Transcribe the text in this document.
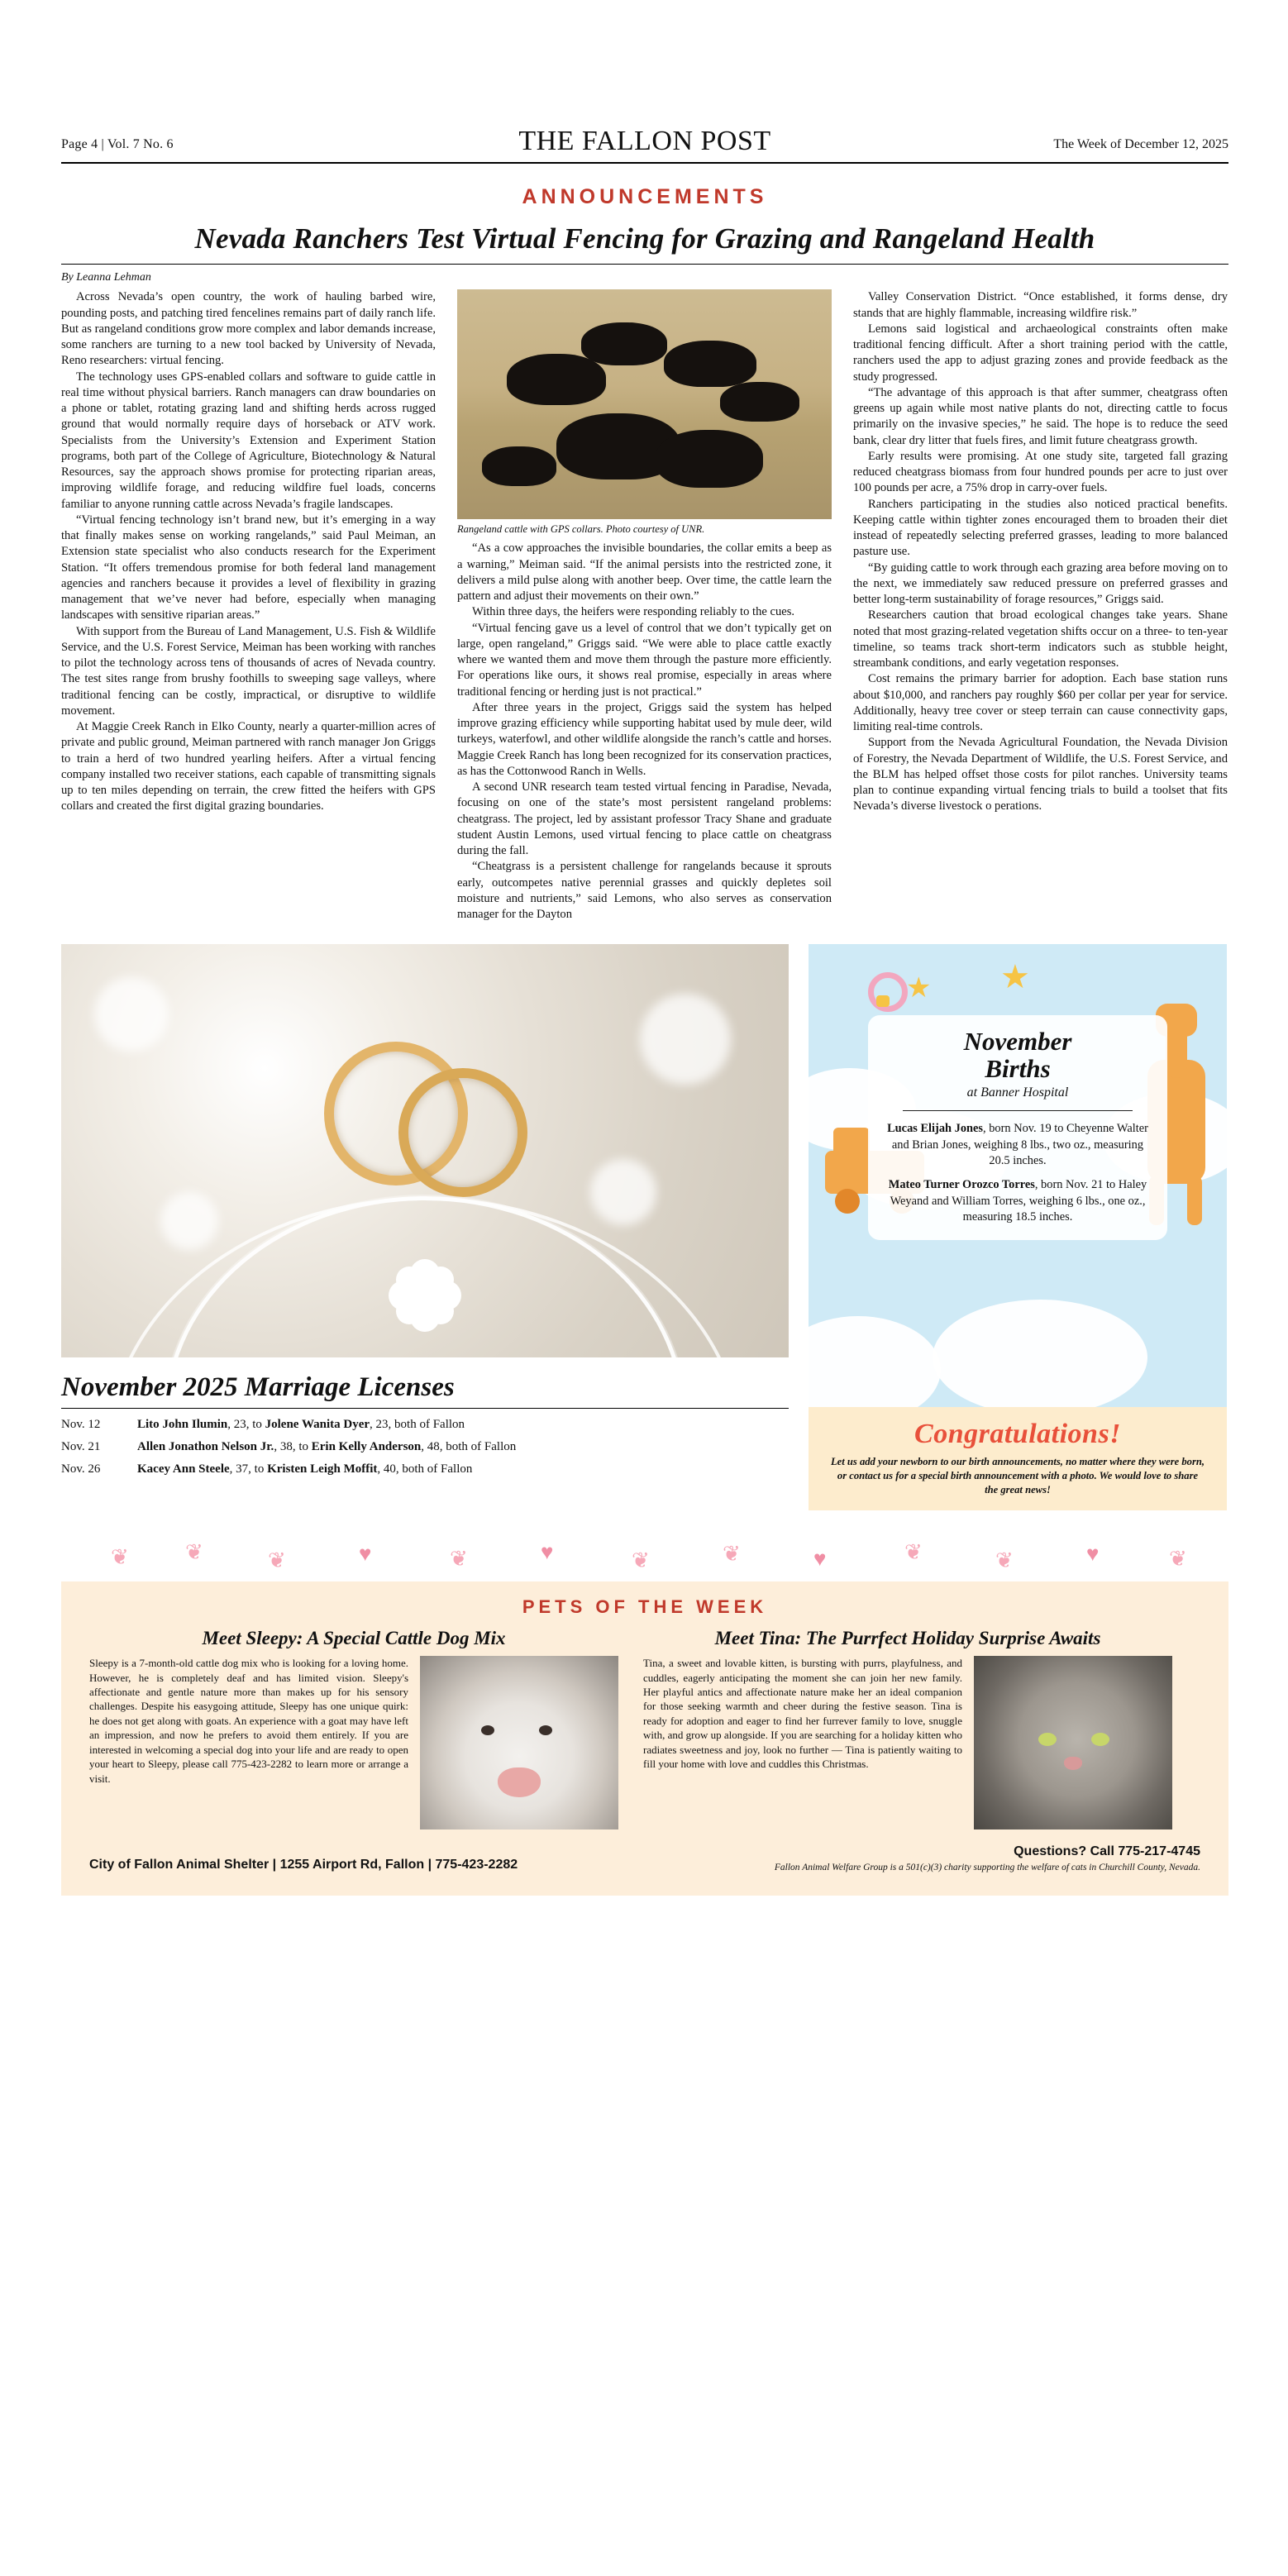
Page 4 | Vol. 7 No. 6	THE FALLON POST	The Week of December 12, 2025
ANNOUNCEMENTS
Nevada Ranchers Test Virtual Fencing for Grazing and Rangeland Health
By Leanna Lehman

Across Nevada’s open country, the work of hauling barbed wire, pounding posts, and patching tired fencelines remains part of daily ranch life. But as rangeland conditions grow more complex and labor demands increase, some ranchers are turning to a new tool backed by University of Nevada, Reno researchers: virtual fencing.

The technology uses GPS-enabled collars and software to guide cattle in real time without physical barriers. Ranch managers can draw boundaries on a phone or tablet, rotating grazing land and shifting herds across rugged ground that would normally require days of horseback or ATV work. Specialists from the University’s Extension and Experiment Station programs, both part of the College of Agriculture, Biotechnology & Natural Resources, say the approach shows promise for protecting riparian areas, improving wildlife forage, and reducing wildfire fuel loads, concerns familiar to anyone running cattle across Nevada’s fragile landscapes.

“Virtual fencing technology isn’t brand new, but it’s emerging in a way that finally makes sense on working rangelands,” said Paul Meiman, an Extension state specialist who also conducts research for the Experiment Station. “It offers tremendous promise for both federal land management agencies and ranchers because it provides a level of flexibility in grazing management that we’ve never had before, especially when managing landscapes with sensitive riparian areas.”

With support from the Bureau of Land Management, U.S. Fish & Wildlife Service, and the U.S. Forest Service, Meiman has been working with ranches to pilot the technology across tens of thousands of acres of Nevada country. The test sites range from brushy foothills to sweeping sage valleys, where traditional fencing can be costly, impractical, or disruptive to wildlife movement.

At Maggie Creek Ranch in Elko County, nearly a quarter-million acres of private and public ground, Meiman partnered with ranch manager Jon Griggs to train a herd of two hundred yearling heifers. After a virtual fencing company installed two receiver stations, each capable of transmitting signals up to ten miles depending on terrain, the crew fitted the heifers with GPS collars and created the first digital grazing boundaries.

Rangeland cattle with GPS collars. Photo courtesy of UNR.

“As a cow approaches the invisible boundaries, the collar emits a beep as a warning,” Meiman said. “If the animal persists into the restricted zone, it delivers a mild pulse along with another beep. Over time, the cattle learn the pattern and adjust their movements on their own.”

Within three days, the heifers were responding reliably to the cues.

“Virtual fencing gave us a level of control that we don’t typically get on large, open rangeland,” Griggs said. “We were able to place cattle exactly where we wanted them and move them through the pasture more efficiently. For operations like ours, it shows real promise, especially in areas where traditional fencing or herding just is not practical.”

After three years in the project, Griggs said the system has helped improve grazing efficiency while supporting habitat used by mule deer, wild turkeys, waterfowl, and other wildlife alongside the ranch’s cattle and horses. Maggie Creek Ranch has long been recognized for its conservation practices, as has the Cottonwood Ranch in Wells.

A second UNR research team tested virtual fencing in Paradise, Nevada, focusing on one of the state’s most persistent rangeland problems: cheatgrass. The project, led by assistant professor Tracy Shane and graduate student Austin Lemons, used virtual fencing to place cattle on cheatgrass during the fall.

“Cheatgrass is a persistent challenge for rangelands because it sprouts early, outcompetes native perennial grasses and quickly depletes soil moisture and nutrients,” said Lemons, who also serves as conservation manager for the Dayton

Valley Conservation District. “Once established, it forms dense, dry stands that are highly flammable, increasing wildfire risk.”

Lemons said logistical and archaeological constraints often make traditional fencing difficult. After a short training period with the cattle, ranchers used the app to adjust grazing zones and provide feedback as the study progressed.

“The advantage of this approach is that after summer, cheatgrass often greens up again while most native plants do not, directing cattle to focus primarily on the invasive species,” he said. The hope is to reduce the seed bank, clear dry litter that fuels fires, and limit future cheatgrass growth.

Early results were promising. At one study site, targeted fall grazing reduced cheatgrass biomass from four hundred pounds per acre to just over 100 pounds per acre, a 75% drop in carry-over fuels.

Ranchers participating in the studies also noticed practical benefits. Keeping cattle within tighter zones encouraged them to broaden their diet instead of repeatedly selecting preferred grasses, leading to more balanced pasture use.

“By guiding cattle to work through each grazing area before moving on to the next, we immediately saw reduced pressure on preferred grasses and better long-term sustainability of forage resources,” Griggs said.

Researchers caution that broad ecological changes take years. Shane noted that most grazing-related vegetation shifts occur on a three- to ten-year timeline, so teams track short-term indicators such as stubble height, streambank conditions, and early vegetation responses.

Cost remains the primary barrier for adoption. Each base station runs about $10,000, and ranchers pay roughly $60 per collar per year for service. Additionally, heavy tree cover or steep terrain can cause connectivity gaps, limiting real-time controls.

Support from the Nevada Agricultural Foundation, the Nevada Division of Forestry, the Nevada Department of Wildlife, the U.S. Forest Service, and the BLM has helped offset those costs for pilot ranches. University teams plan to continue expanding virtual fencing trials to build a toolset that fits Nevada’s diverse livestock o perations.

November 2025 Marriage Licenses
Nov. 12	Lito John Ilumin, 23, to Jolene Wanita Dyer, 23, both of Fallon
Nov. 21	Allen Jonathon Nelson Jr., 38, to Erin Kelly Anderson, 48, both of Fallon
Nov. 26	Kacey Ann Steele, 37, to Kristen Leigh Moffit, 40, both of Fallon
★ ★
November
Births
at Banner Hospital
Lucas Elijah Jones, born Nov. 19 to Cheyenne Walter and Brian Jones, weighing 8 lbs., two oz., measuring 20.5 inches.
Mateo Turner Orozco Torres, born Nov. 21 to Haley Weyand and William Torres, weighing 6 lbs., one oz., measuring 18.5 inches.
Congratulations!
Let us add your newborn to our birth announcements, no matter where they were born, or contact us for a special birth announcement with a photo. We would love to share the great news!
❦	❦	❦	♥	❦	♥	❦	❦	♥	❦	❦	♥	❦
PETS OF THE WEEK
Meet Sleepy: A Special Cattle Dog Mix
Sleepy is a 7-month-old cattle dog mix who is looking for a loving home. However, he is completely deaf and has limited vision. Sleepy's affectionate and gentle nature more than makes up for his sensory challenges. Despite his easygoing attitude, Sleepy has one unique quirk: he does not get along with goats. An experience with a goat may have left an impression, and now he prefers to avoid them entirely. If you are interested in welcoming a special dog into your life and are ready to open your heart to Sleepy, please call 775-423-2282 to learn more or arrange a visit.
Meet Tina: The Purrfect Holiday Surprise Awaits
Tina, a sweet and lovable kitten, is bursting with purrs, playfulness, and cuddles, eagerly anticipating the moment she can join her new family. Her playful antics and affectionate nature make her an ideal companion for those seeking warmth and cheer during the festive season. Tina is ready for adoption and eager to find her furrever family to love, snuggle with, and grow up alongside. If you are searching for a holiday kitten who radiates sweetness and joy, look no further — Tina is patiently waiting to fill your home with love and cuddles this Christmas.
City of Fallon Animal Shelter | 1255 Airport Rd, Fallon | 775-423-2282
Questions? Call 775-217-4745
Fallon Animal Welfare Group is a 501(c)(3) charity supporting the welfare of cats in Churchill County, Nevada.
